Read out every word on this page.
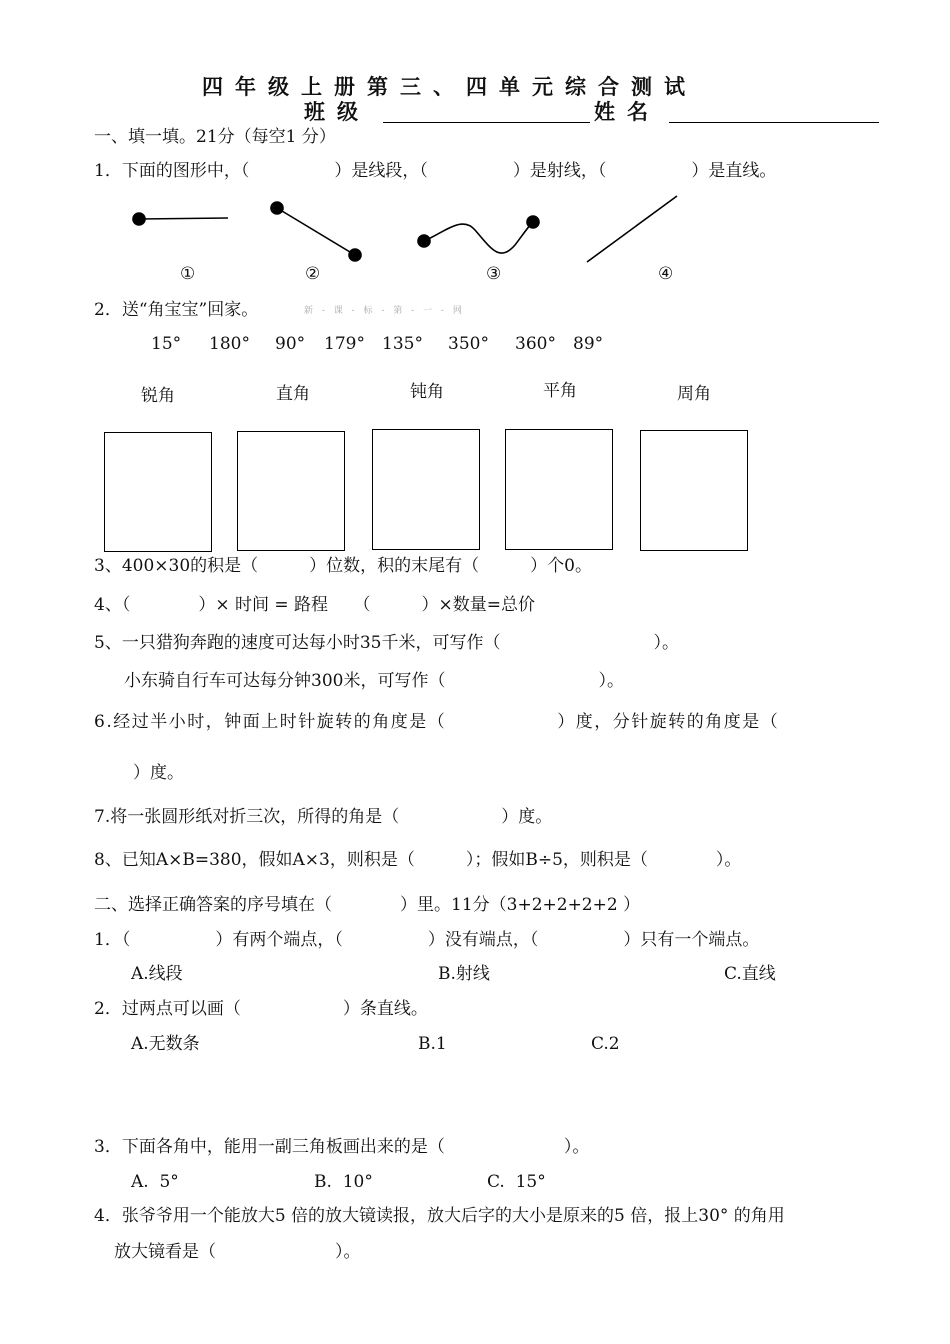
四年级上册第三、四单元综合测试
班级	姓名
一、填一填。21分（每空1 分）
1．下面的图形中，（　　　　　）是线段，（　　　　　）是射线，（　　　　　）是直线。
①	②	③	④
2．送“角宝宝”回家。	新 - 课 - 标 - 第 - 一 - 网
15° 180° 90° 179° 135° 350° 360° 89°
锐角	直角	钝角	平角	周角
3、400×30的积是（　　　）位数，积的末尾有（　　　）个0。
4、（　　　　）× 时间 = 路程　　（　　　）×数量=总价
5、一只猎狗奔跑的速度可达每小时35千米，可写作（　　　　　　　　　）。
小东骑自行车可达每分钟300米，可写作（　　　　　　　　　）。
6.经过半小时，钟面上时针旋转的角度是（　　　　　　）度，分针旋转的角度是（
）度。
7.将一张圆形纸对折三次，所得的角是（　　　　　　）度。
8、已知A×B=380，假如A×3，则积是（　　　）；假如B÷5，则积是（　　　　）。
二、选择正确答案的序号填在（　　　　）里。11分（3+2+2+2+2 ）
1．（　　　　　）有两个端点，（　　　　　）没有端点，（　　　　　）只有一个端点。
A.线段	B.射线	C.直线
2．过两点可以画（　　　　　　）条直线。
A.无数条	B.1	C.2
3．下面各角中，能用一副三角板画出来的是（　　　　　　　）。
A.  5°	B.  10°	C.  15°
4．张爷爷用一个能放大5 倍的放大镜读报，放大后字的大小是原来的5 倍，报上30° 的角用
放大镜看是（　　　　　　　）。
